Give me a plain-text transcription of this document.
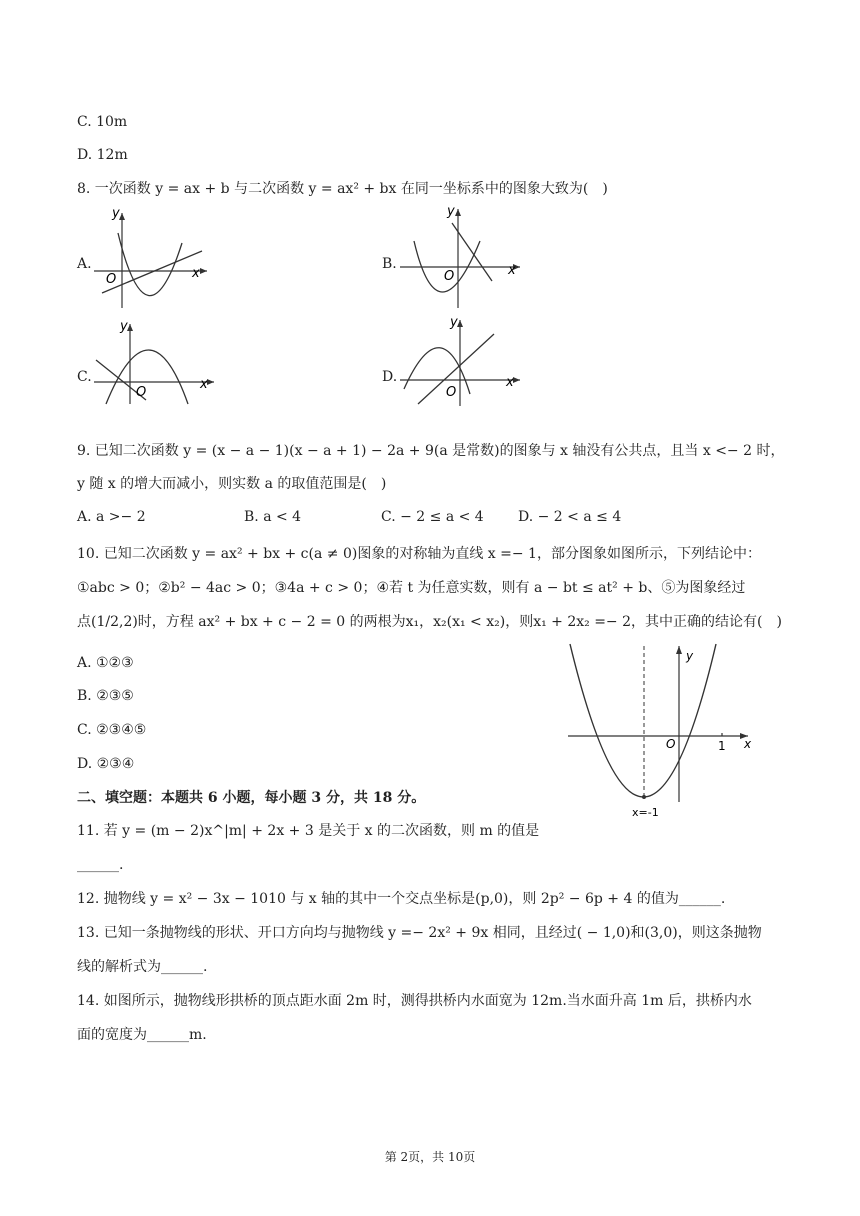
C. 10m
D. 12m
8. 一次函数 y = ax + b 与二次函数 y = ax² + bx 在同一坐标系中的图象大致为(　)
A.
y
x
O
B.
y
x
O
C.
y
x
O
D.
y
x
O
9. 已知二次函数 y = (x − a − 1)(x − a + 1) − 2a + 9(a 是常数)的图象与 x 轴没有公共点，且当 x <− 2 时，
y 随 x 的增大而减小，则实数 a 的取值范围是(　)
A. a >− 2	B. a < 4	C. − 2 ≤ a < 4 D. − 2 < a ≤ 4
10. 已知二次函数 y = ax² + bx + c(a ≠ 0)图象的对称轴为直线 x =− 1，部分图象如图所示，下列结论中：
①abc > 0；②b² − 4ac > 0；③4a + c > 0；④若 t 为任意实数，则有 a − bt ≤ at² + b、⑤为图象经过
点(1/2,2)时，方程 ax² + bx + c − 2 = 0 的两根为x₁，x₂(x₁ < x₂)，则x₁ + 2x₂ =− 2，其中正确的结论有(　)
A. ①②③
B. ②③⑤
C. ②③④⑤
D. ②③④
y
x
O	1
x=-1
二、填空题：本题共 6 小题，每小题 3 分，共 18 分。
11. 若 y = (m − 2)x^|m| + 2x + 3 是关于 x 的二次函数，则 m 的值是
______.
12. 抛物线 y = x² − 3x − 1010 与 x 轴的其中一个交点坐标是(p,0)，则 2p² − 6p + 4 的值为______.
13. 已知一条抛物线的形状、开口方向均与抛物线 y =− 2x² + 9x 相同，且经过( − 1,0)和(3,0)，则这条抛物
线的解析式为______.
14. 如图所示，抛物线形拱桥的顶点距水面 2m 时，测得拱桥内水面宽为 12m.当水面升高 1m 后，拱桥内水
面的宽度为______m.
第 2页，共 10页
